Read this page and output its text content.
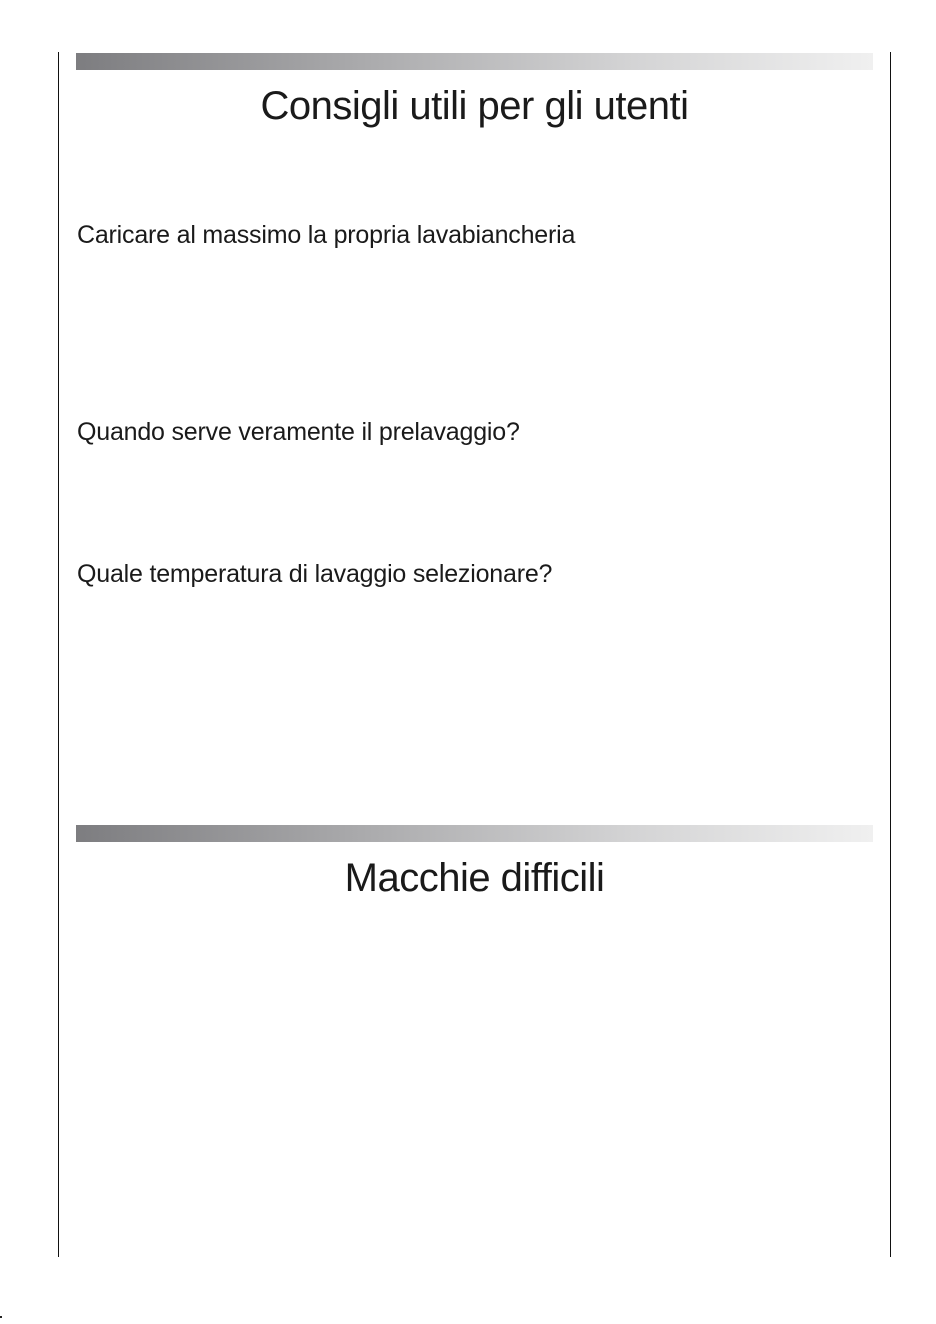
Consigli utili per gli utenti
Caricare al massimo la propria lavabiancheria
Quando serve veramente il prelavaggio?
Quale temperatura di lavaggio selezionare?
Macchie difficili
